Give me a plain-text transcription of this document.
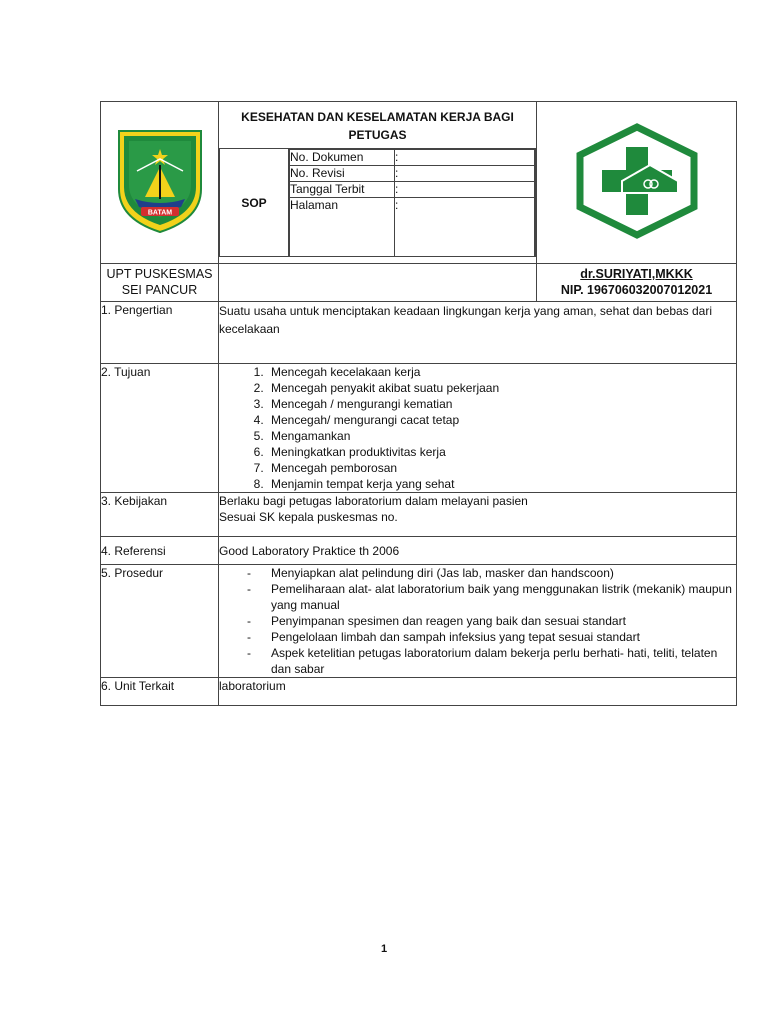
BATAM

KESEHATAN DAN KESELAMATAN KERJA BAGI PETUGAS
SOP	
No. Dokumen	:
No. Revisi	:
Tanggal Terbit	:
Halaman	:

UPT PUSKESMAS
SEI PANCUR

dr.SURIYATI,MKKK
NIP. 196706032007012021

1. Pengertian	Suatu usaha untuk menciptakan keadaan lingkungan kerja yang aman, sehat dan bebas dari kecelakaan
2. Tujuan	
1.Mencegah kecelakaan kerja
2. Mencegah penyakit akibat suatu pekerjaan
3. Mencegah / mengurangi kematian
4. Mencegah/ mengurangi cacat tetap
5. Mengamankan
6. Meningkatkan produktivitas kerja
7. Mencegah pemborosan
8. Menjamin tempat kerja yang sehat

3. Kebijakan	Berlaku bagi petugas laboratorium dalam melayani pasien
Sesuai SK kepala puskesmas no.

4. Referensi	Good Laboratory Praktice th 2006
5. Prosedur	- Menyiapkan alat pelindung diri (Jas lab, masker dan handscoon)
- Pemeliharaan alat- alat laboratorium baik yang menggunakan listrik (mekanik) maupun yang manual
- Penyimpanan spesimen dan reagen yang baik dan sesuai standart
- Pengelolaan limbah dan sampah infeksius yang tepat sesuai standart
- Aspek ketelitian petugas laboratorium dalam bekerja perlu berhati- hati, teliti, telaten dan sabar

6. Unit Terkait	laboratorium
1
